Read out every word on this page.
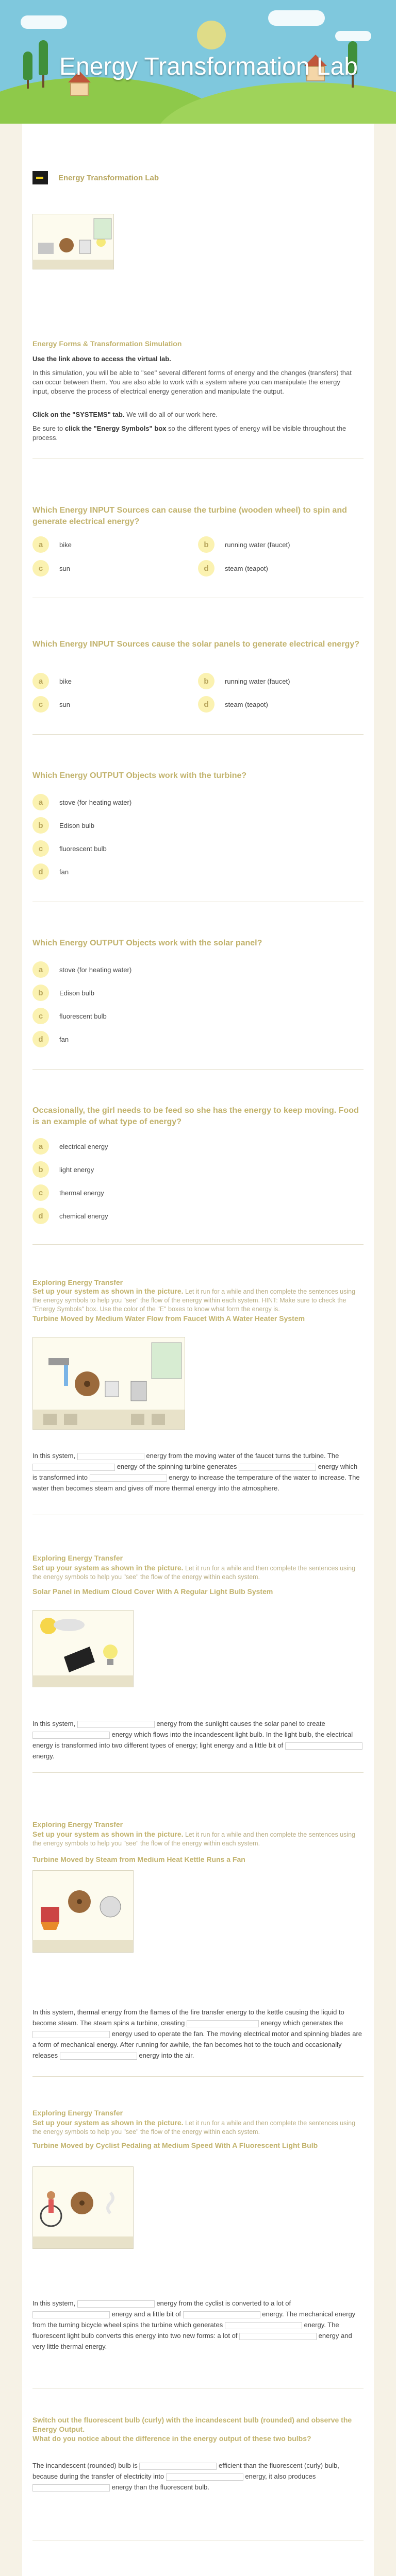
Energy Transformation Lab
Energy Transformation Lab
Energy Forms & Transformation Simulation
Use the link above to access the virtual lab.
In this simulation, you will be able to "see" several different forms of energy and the changes (transfers) that can occur between them. You are also able to work with a system where you can manipulate the energy input, observe the process of electrical energy generation and manipulate the output.
Click on the "SYSTEMS" tab. We will do all of our work here.
Be sure to click the "Energy Symbols" box so the different types of energy will be visible throughout the process.
Which Energy INPUT Sources can cause the turbine (wooden wheel) to spin and generate electrical energy?
a	bike	b	running water (faucet)
c	sun	d	steam (teapot)
Which Energy INPUT Sources cause the solar panels to generate electrical energy?
a	bike	b	running water (faucet)
c	sun	d	steam (teapot)
Which Energy OUTPUT Objects work with the turbine?
a	stove (for heating water)
b	Edison bulb
c	fluorescent bulb
d	fan
Which Energy OUTPUT Objects work with the solar panel?
a	stove (for heating water)
b	Edison bulb
c	fluorescent bulb
d	fan
Occasionally, the girl needs to be feed so she has the energy to keep moving. Food is an example of what type of energy?
a	electrical energy
b	light energy
c	thermal energy
d	chemical energy
Exploring Energy Transfer
Set up your system as shown in the picture. Let it run for a while and then complete the sentences using the energy symbols to help you "see" the flow of the energy within each system. HINT: Make sure to check the "Energy Symbols" box. Use the color of the "E" boxes to know what form the energy is.
Turbine Moved by Medium Water Flow from Faucet With A Water Heater System
In this system,	energy from the moving water of the faucet turns the turbine. The  energy of the spinning turbine generates	energy which is transformed into	energy to increase the temperature of the water to increase. The water then becomes steam and gives off more thermal energy into the atmosphere.
Exploring Energy Transfer
Set up your system as shown in the picture. Let it run for a while and then complete the sentences using the energy symbols to help you "see" the flow of the energy within each system.
Solar Panel in Medium Cloud Cover With A Regular Light Bulb System
In this system,	energy from the sunlight causes the solar panel to create  energy which flows into the incandescent light bulb. In the light bulb, the electrical energy is transformed into two different types of energy; light energy and a little bit of  energy.
Exploring Energy Transfer
Set up your system as shown in the picture. Let it run for a while and then complete the sentences using the energy symbols to help you "see" the flow of the energy within each system.
Turbine Moved by Steam from Medium Heat Kettle Runs a Fan
In this system, thermal energy from the flames of the fire transfer energy to the kettle causing the liquid to become steam. The steam spins a turbine, creating	energy which generates the  energy used to operate the fan. The moving electrical motor and spinning blades are a form of mechanical energy. After running for awhile, the fan becomes hot to the touch and occasionally releases	energy into the air.
Exploring Energy Transfer
Set up your system as shown in the picture. Let it run for a while and then complete the sentences using the energy symbols to help you "see" the flow of the energy within each system.
Turbine Moved by Cyclist Pedaling at Medium Speed With A Fluorescent Light Bulb
In this system,	energy from the cyclist is converted to a lot of  energy and a little bit of	energy. The mechanical energy from the turning bicycle wheel spins the turbine which generates	energy. The fluorescent light bulb converts this energy into two new forms: a lot of	energy and very little thermal energy.
Switch out the fluorescent bulb (curly) with the incandescent bulb (rounded) and observe the Energy Output.
What do you notice about the difference in the energy output of these two bulbs?
The incandescent (rounded) bulb is	efficient than the fluorescent (curly) bulb, because during the transfer of electricity into	energy, it also produces  energy than the fluorescent bulb.
